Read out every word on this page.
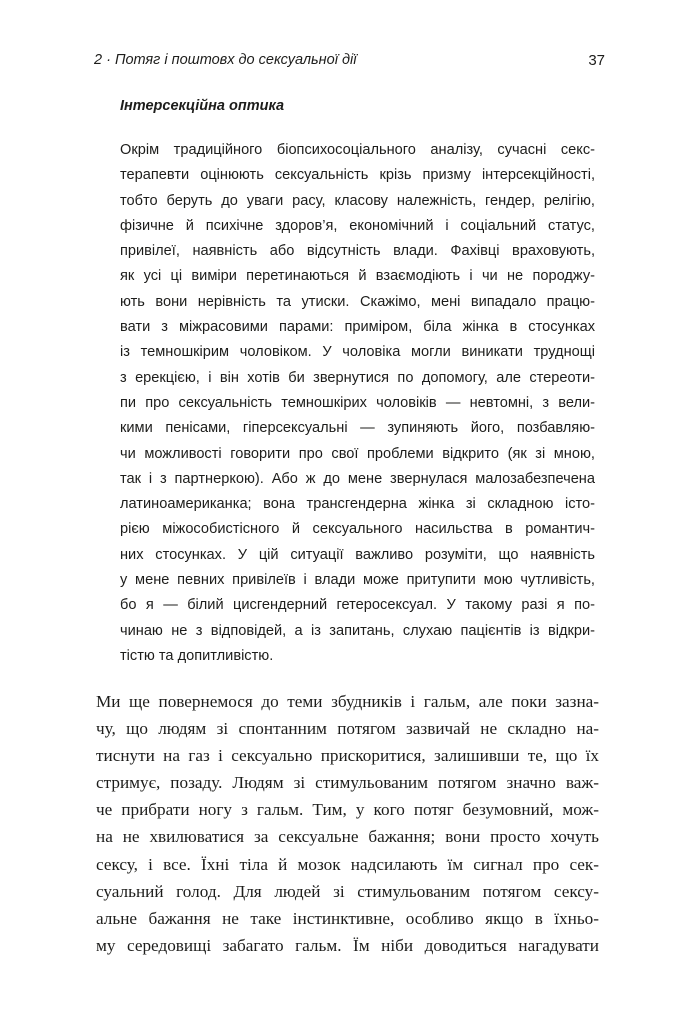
2 · Потяг і поштовх до сексуальної дії	37
Інтерсекційна оптика
Окрім традиційного біопсихосоціального аналізу, сучасні секс-
терапевти оцінюють сексуальність крізь призму інтерсекційності,
тобто беруть до уваги расу, класову належність, гендер, релігію,
фізичне й психічне здоров’я, економічний і соціальний статус,
привілеї, наявність або відсутність влади. Фахівці враховують,
як усі ці виміри перетинаються й взаємодіють і чи не породжу-
ють вони нерівність та утиски. Скажімо, мені випадало працю-
вати з міжрасовими парами: приміром, біла жінка в стосунках
із темношкірим чоловіком. У чоловіка могли виникати труднощі
з ерекцією, і він хотів би звернутися по допомогу, але стереоти-
пи про сексуальність темношкірих чоловіків — невтомні, з вели-
кими пенісами, гіперсексуальні — зупиняють його, позбавляю-
чи можливості говорити про свої проблеми відкрито (як зі мною,
так і з партнеркою). Або ж до мене звернулася малозабезпечена
латиноамериканка; вона трансгендерна жінка зі складною істо-
рією міжособистісного й сексуального насильства в романтич-
них стосунках. У цій ситуації важливо розуміти, що наявність
у мене певних привілеїв і влади може притупити мою чутливість,
бо я — білий цисгендерний гетеросексуал. У такому разі я по-
чинаю не з відповідей, а із запитань, слухаю пацієнтів із відкри-
тістю та допитливістю.
Ми ще повернемося до теми збудників і гальм, але поки зазна-
чу, що людям зі спонтанним потягом зазвичай не складно на-
тиснути на газ і сексуально прискоритися, залишивши те, що їх
стримує, позаду. Людям зі стимульованим потягом значно важ-
че прибрати ногу з гальм. Тим, у кого потяг безумовний, мож-
на не хвилюватися за сексуальне бажання; вони просто хочуть
сексу, і все. Їхні тіла й мозок надсилають їм сигнал про сек-
суальний голод. Для людей зі стимульованим потягом сексу-
альне бажання не таке інстинктивне, особливо якщо в їхньо-
му середовищі забагато гальм. Їм ніби доводиться нагадувати
